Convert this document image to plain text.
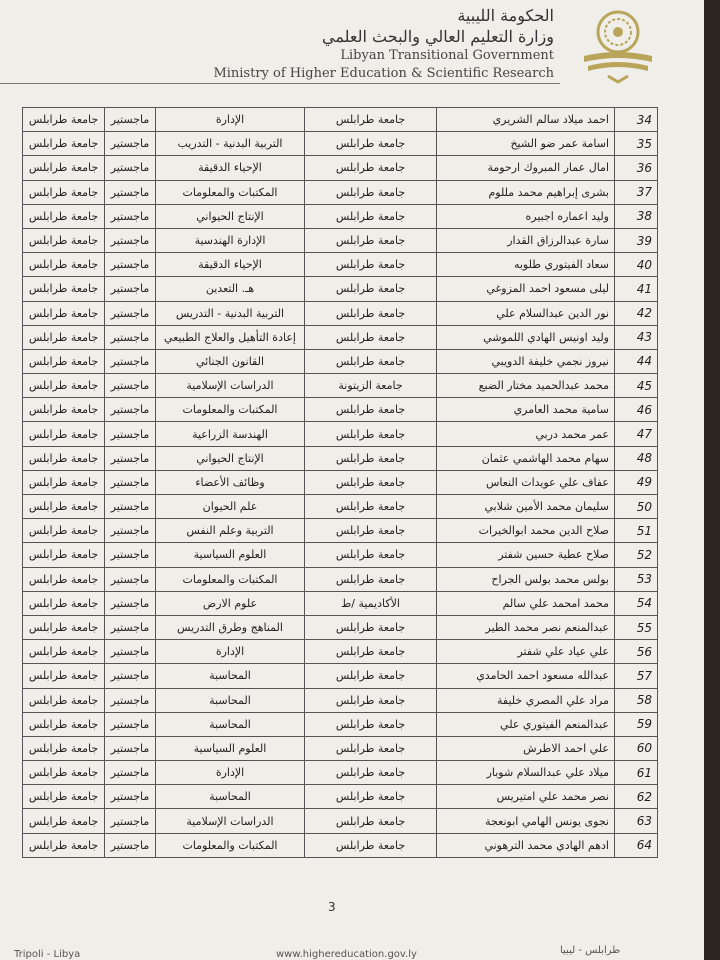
الحكومة الليبية
وزارة التعليم العالي والبحث العلمي
Libyan Transitional Government
Ministry of Higher Education & Scientific Research
34	احمد ميلاد سالم الشريري	جامعة طرابلس	الإدارة	ماجستير	جامعة طرابلس
35	اسامة عمر ضو الشيخ	جامعة طرابلس	التربية البدنية - التدريب	ماجستير	جامعة طرابلس
36	امال عمار المبروك ارحومة	جامعة طرابلس	الإحياء الدقيقة	ماجستير	جامعة طرابلس
37	بشرى إبراهيم محمد مللوم	جامعة طرابلس	المكتبات والمعلومات	ماجستير	جامعة طرابلس
38	وليد اعماره اجبيره	جامعة طرابلس	الإنتاج الحيواني	ماجستير	جامعة طرابلس
39	سارة عبدالرزاق القدار	جامعة طرابلس	الإدارة الهندسية	ماجستير	جامعة طرابلس
40	سعاد الفيتوري طلوبه	جامعة طرابلس	الإحياء الدقيقة	ماجستير	جامعة طرابلس
41	ليلى مسعود احمد المزوغي	جامعة طرابلس	هـ. التعدين	ماجستير	جامعة طرابلس
42	نور الدين عبدالسلام علي	جامعة طرابلس	التربية البدنية - التدريس	ماجستير	جامعة طرابلس
43	وليد اونيس الهادي اللموشي	جامعة طرابلس	إعادة التأهيل والعلاج الطبيعي	ماجستير	جامعة طرابلس
44	نيروز نجمي خليفة الدويبي	جامعة طرابلس	القانون الجنائي	ماجستير	جامعة طرابلس
45	محمد عبدالحميد مختار الضبع	جامعة الزيتونة	الدراسات الإسلامية	ماجستير	جامعة طرابلس
46	سامية محمد العامري	جامعة طرابلس	المكتبات والمعلومات	ماجستير	جامعة طرابلس
47	عمر محمد دربي	جامعة طرابلس	الهندسة الزراعية	ماجستير	جامعة طرابلس
48	سهام محمد الهاشمي عثمان	جامعة طرابلس	الإنتاج الحيواني	ماجستير	جامعة طرابلس
49	عفاف علي عويدات النعاس	جامعة طرابلس	وظائف الأعضاء	ماجستير	جامعة طرابلس
50	سليمان محمد الأمين شلابي	جامعة طرابلس	علم الحيوان	ماجستير	جامعة طرابلس
51	صلاح الدين محمد ابوالخيرات	جامعة طرابلس	التربية وعلم النفس	ماجستير	جامعة طرابلس
52	صلاح عطية حسين شفتر	جامعة طرابلس	العلوم السياسية	ماجستير	جامعة طرابلس
53	بولس محمد بولس الجراح	جامعة طرابلس	المكتبات والمعلومات	ماجستير	جامعة طرابلس
54	محمد امحمد علي سالم	الأكاديمية /ط	علوم الارض	ماجستير	جامعة طرابلس
55	عبدالمنعم نصر محمد الطير	جامعة طرابلس	المناهج وطرق التدريس	ماجستير	جامعة طرابلس
56	علي عياد علي شفتر	جامعة طرابلس	الإدارة	ماجستير	جامعة طرابلس
57	عبدالله مسعود احمد الحامدي	جامعة طرابلس	المحاسبة	ماجستير	جامعة طرابلس
58	مراد علي المصري خليفة	جامعة طرابلس	المحاسبة	ماجستير	جامعة طرابلس
59	عبدالمنعم الفيتوري علي	جامعة طرابلس	المحاسبة	ماجستير	جامعة طرابلس
60	علي احمد الاطرش	جامعة طرابلس	العلوم السياسية	ماجستير	جامعة طرابلس
61	ميلاد علي عبدالسلام شوبار	جامعة طرابلس	الإدارة	ماجستير	جامعة طرابلس
62	نصر محمد علي امتيريس	جامعة طرابلس	المحاسبة	ماجستير	جامعة طرابلس
63	نجوى يونس الهامي ابونعجة	جامعة طرابلس	الدراسات الإسلامية	ماجستير	جامعة طرابلس
64	ادهم الهادي محمد الترهوني	جامعة طرابلس	المكتبات والمعلومات	ماجستير	جامعة طرابلس
3
Tripoli - Libya	www.highereducation.gov.ly	طرابلس - ليبيا
